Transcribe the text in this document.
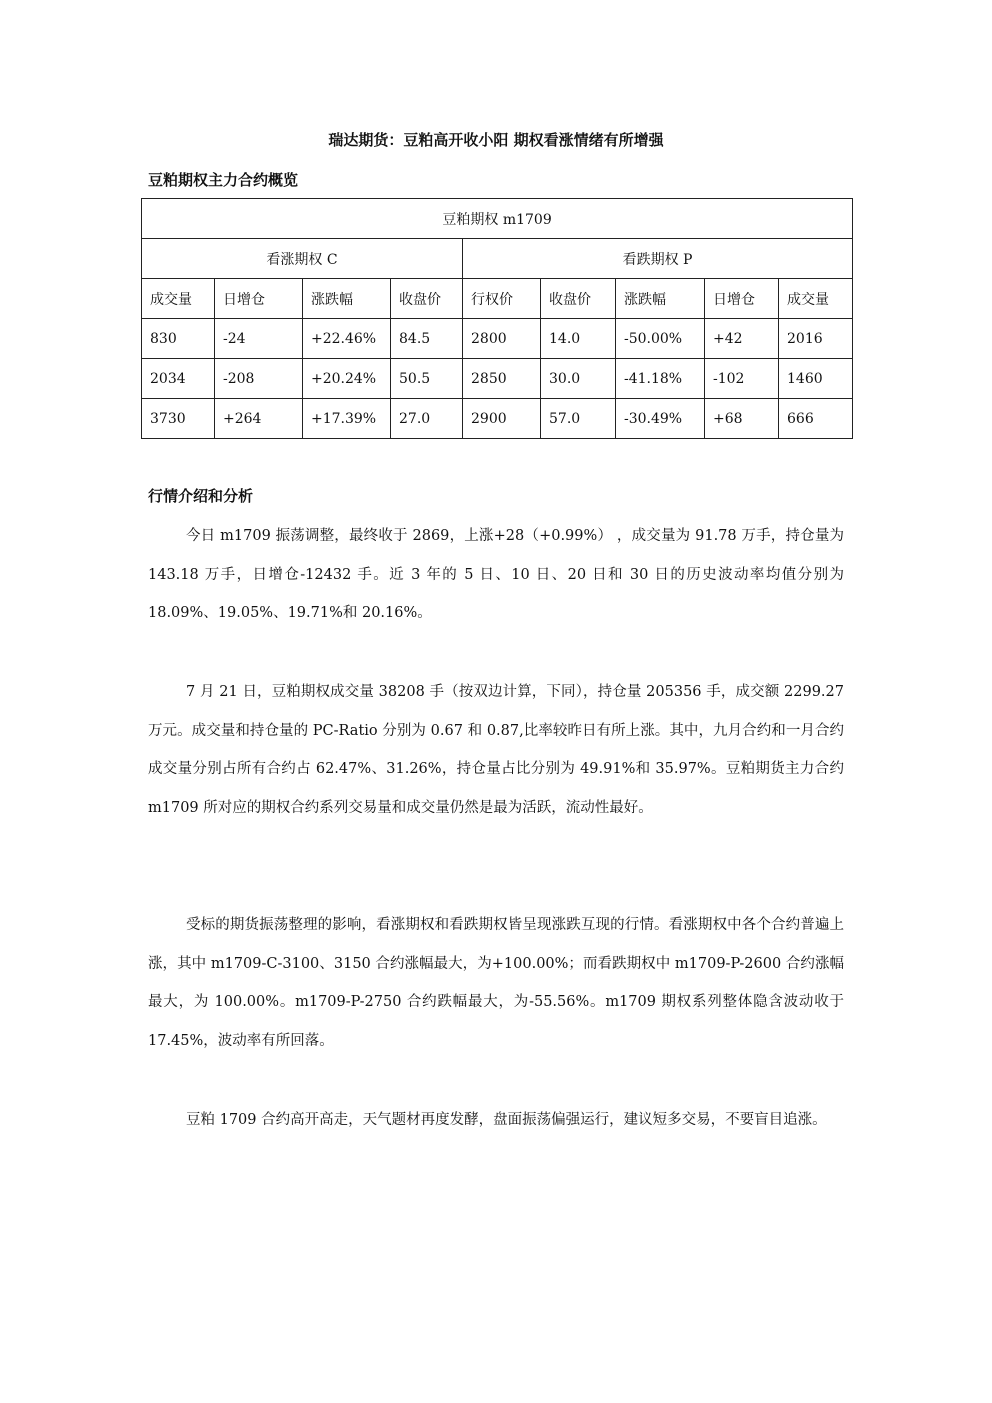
瑞达期货：豆粕高开收小阳 期权看涨情绪有所增强
豆粕期权主力合约概览
豆粕期权 m1709								
看涨期权 C				看跌期权 P				
成交量	日增仓	涨跌幅	收盘价	行权价	收盘价	涨跌幅	日增仓	成交量
830	-24	+22.46%	84.5	2800	14.0	-50.00%	+42	2016
2034	-208	+20.24%	50.5	2850	30.0	-41.18%	-102	1460
3730	+264	+17.39%	27.0	2900	57.0	-30.49%	+68	666
行情介绍和分析

今日 m1709 振荡调整，最终收于 2869，上涨+28（+0.99%） ，成交量为 91.78 万手，持仓量为 143.18 万手，日增仓-12432 手。近 3 年的 5 日、10 日、20 日和 30 日的历史波动率均值分别为 18.09%、19.05%、19.71%和 20.16%。

7 月 21 日，豆粕期权成交量 38208 手（按双边计算，下同），持仓量 205356 手，成交额 2299.27 万元。成交量和持仓量的 PC-Ratio 分别为 0.67 和 0.87,比率较昨日有所上涨。其中，九月合约和一月合约成交量分别占所有合约占 62.47%、31.26%，持仓量占比分别为 49.91%和 35.97%。豆粕期货主力合约 m1709 所对应的期权合约系列交易量和成交量仍然是最为活跃，流动性最好。

受标的期货振荡整理的影响，看涨期权和看跌期权皆呈现涨跌互现的行情。看涨期权中各个合约普遍上涨，其中 m1709-C-3100、3150 合约涨幅最大，为+100.00%；而看跌期权中 m1709-P-2600 合约涨幅最大，为 100.00%。m1709-P-2750 合约跌幅最大，为-55.56%。m1709 期权系列整体隐含波动收于 17.45%，波动率有所回落。

豆粕 1709 合约高开高走，天气题材再度发酵，盘面振荡偏强运行，建议短多交易，不要盲目追涨。
